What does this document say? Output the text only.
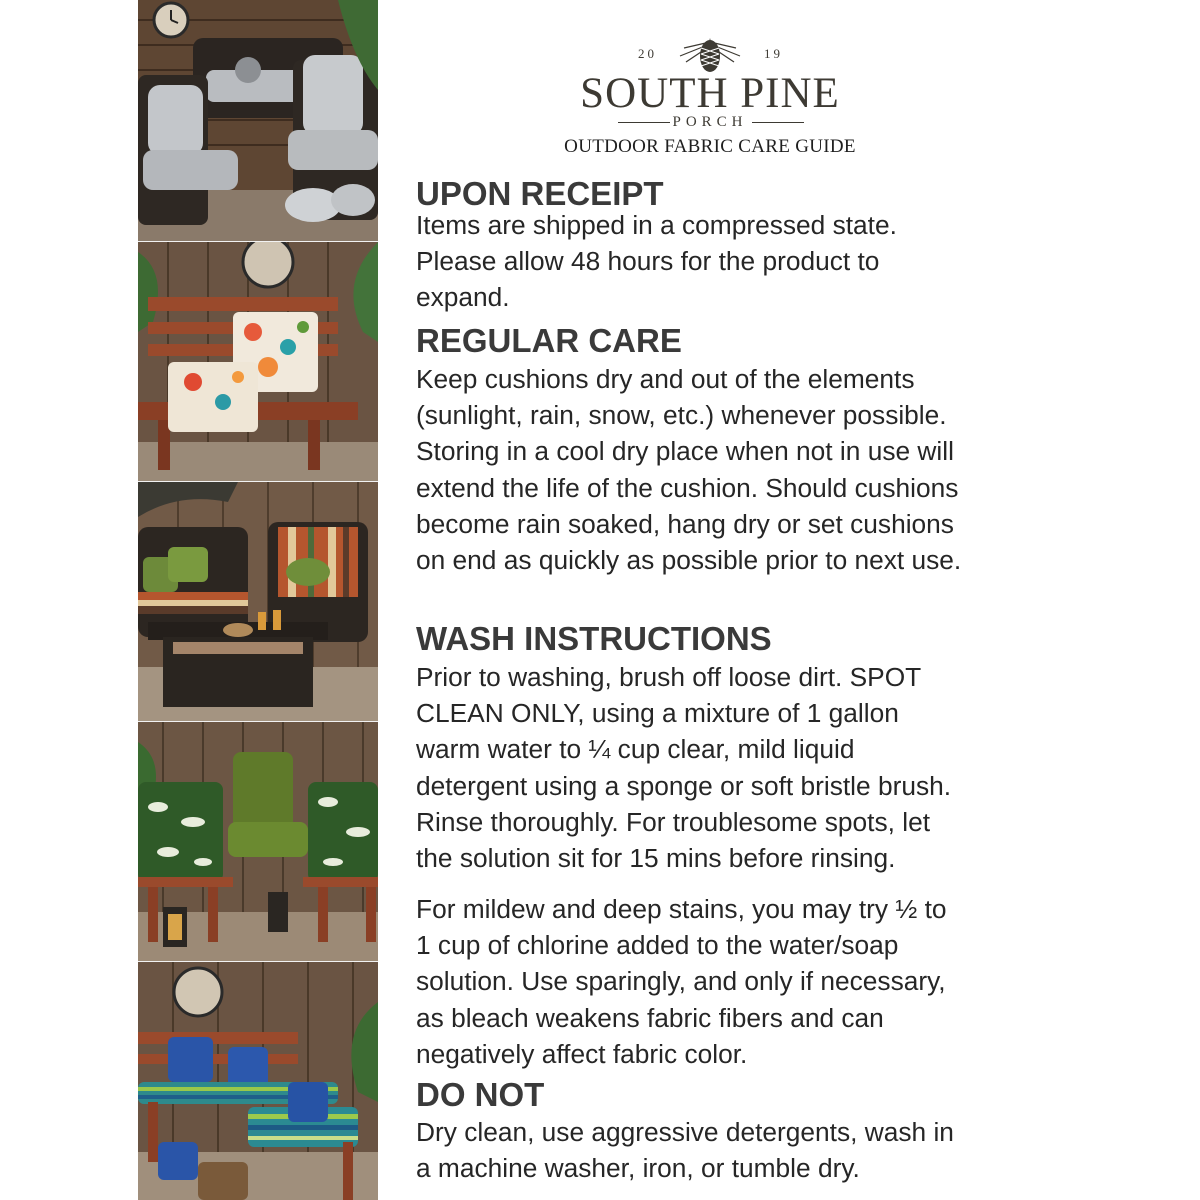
20	19
SOUTH PINE
PORCH
OUTDOOR FABRIC CARE GUIDE
UPON RECEIPT
Items are shipped in a compressed state.
Please allow 48 hours for the product to
expand.
REGULAR CARE
Keep cushions dry and out of the elements
(sunlight, rain, snow, etc.) whenever possible.
Storing in a cool dry place when not in use will
extend the life of the cushion. Should cushions
become rain soaked, hang dry or set cushions
on end as quickly as possible prior to next use.
WASH INSTRUCTIONS
Prior to washing, brush off loose dirt. SPOT
CLEAN ONLY, using a mixture of 1 gallon
warm water to ¼ cup clear, mild liquid
detergent using a sponge or soft bristle brush.
Rinse thoroughly. For troublesome spots, let
the solution sit for 15 mins before rinsing.
For mildew and deep stains, you may try ½ to
1 cup of chlorine added to the water/soap
solution. Use sparingly, and only if necessary,
as bleach weakens fabric fibers and can
negatively affect fabric color.
DO NOT
Dry clean, use aggressive detergents, wash in
a machine washer, iron, or tumble dry.
